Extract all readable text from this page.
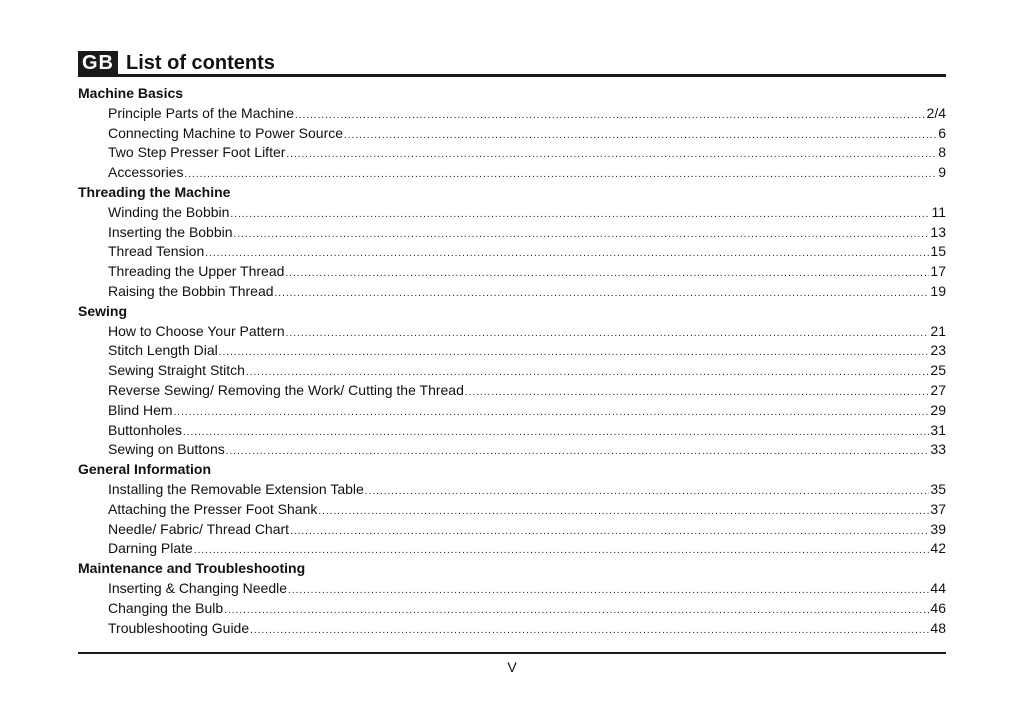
GB List of contents
Machine Basics
Principle Parts of the Machine .....	2/4
Connecting Machine to Power Source .....	6
Two Step Presser Foot Lifter .....	8
Accessories .....	9
Threading the Machine
Winding the Bobbin .....	11
Inserting the Bobbin .....	13
Thread Tension .....	15
Threading the Upper Thread .....	17
Raising the Bobbin Thread .....	19
Sewing
How to Choose Your Pattern .....	21
Stitch Length Dial .....	23
Sewing Straight Stitch .....	25
Reverse Sewing/ Removing the Work/ Cutting the Thread .....	27
Blind Hem .....	29
Buttonholes .....	31
Sewing on Buttons .....	33
General Information
Installing the Removable Extension Table .....	35
Attaching the Presser Foot Shank .....	37
Needle/ Fabric/ Thread Chart .....	39
Darning Plate .....	42
Maintenance and Troubleshooting
Inserting & Changing Needle .....	44
Changing the Bulb .....	46
Troubleshooting Guide .....	48
V
